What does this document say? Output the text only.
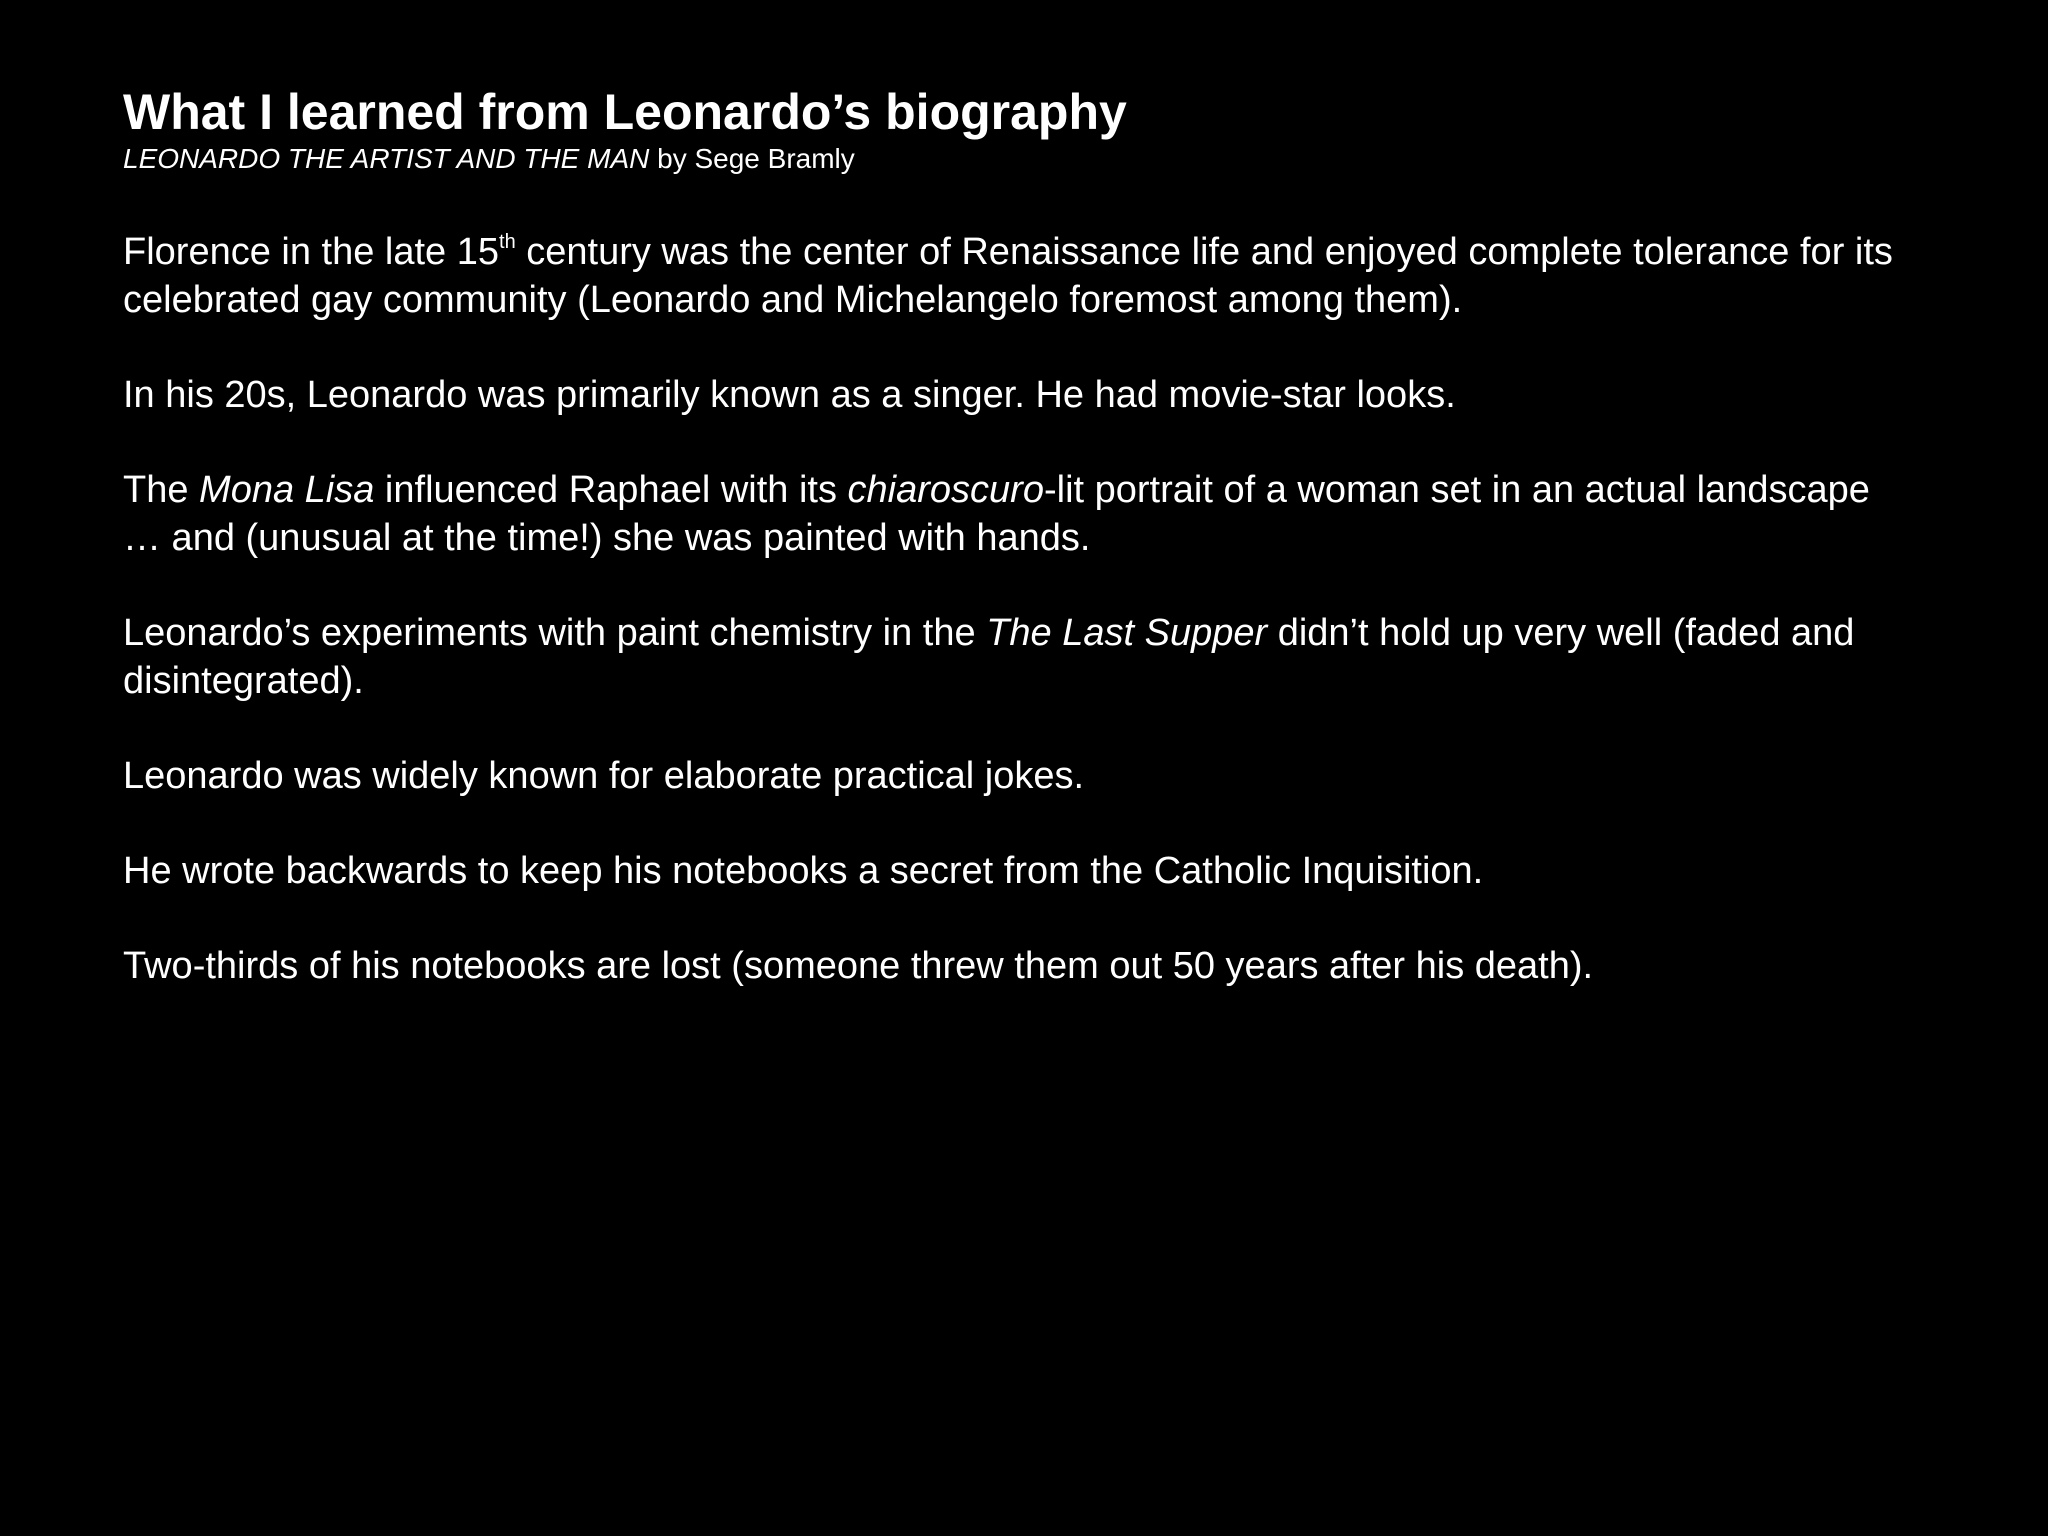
What I learned from Leonardo’s biography

LEONARDO THE ARTIST AND THE MAN by Sege Bramly

Florence in the late 15th century was the center of Renaissance life and enjoyed complete tolerance for its celebrated gay community (Leonardo and Michelangelo foremost among them).

In his 20s, Leonardo was primarily known as a singer. He had movie-star looks.

The Mona Lisa influenced Raphael with its chiaroscuro-lit portrait of a woman set in an actual landscape … and (unusual at the time!) she was painted with hands.

Leonardo’s experiments with paint chemistry in the The Last Supper didn’t hold up very well (faded and disintegrated).

Leonardo was widely known for elaborate practical jokes.

He wrote backwards to keep his notebooks a secret from the Catholic Inquisition.

Two-thirds of his notebooks are lost (someone threw them out 50 years after his death).
